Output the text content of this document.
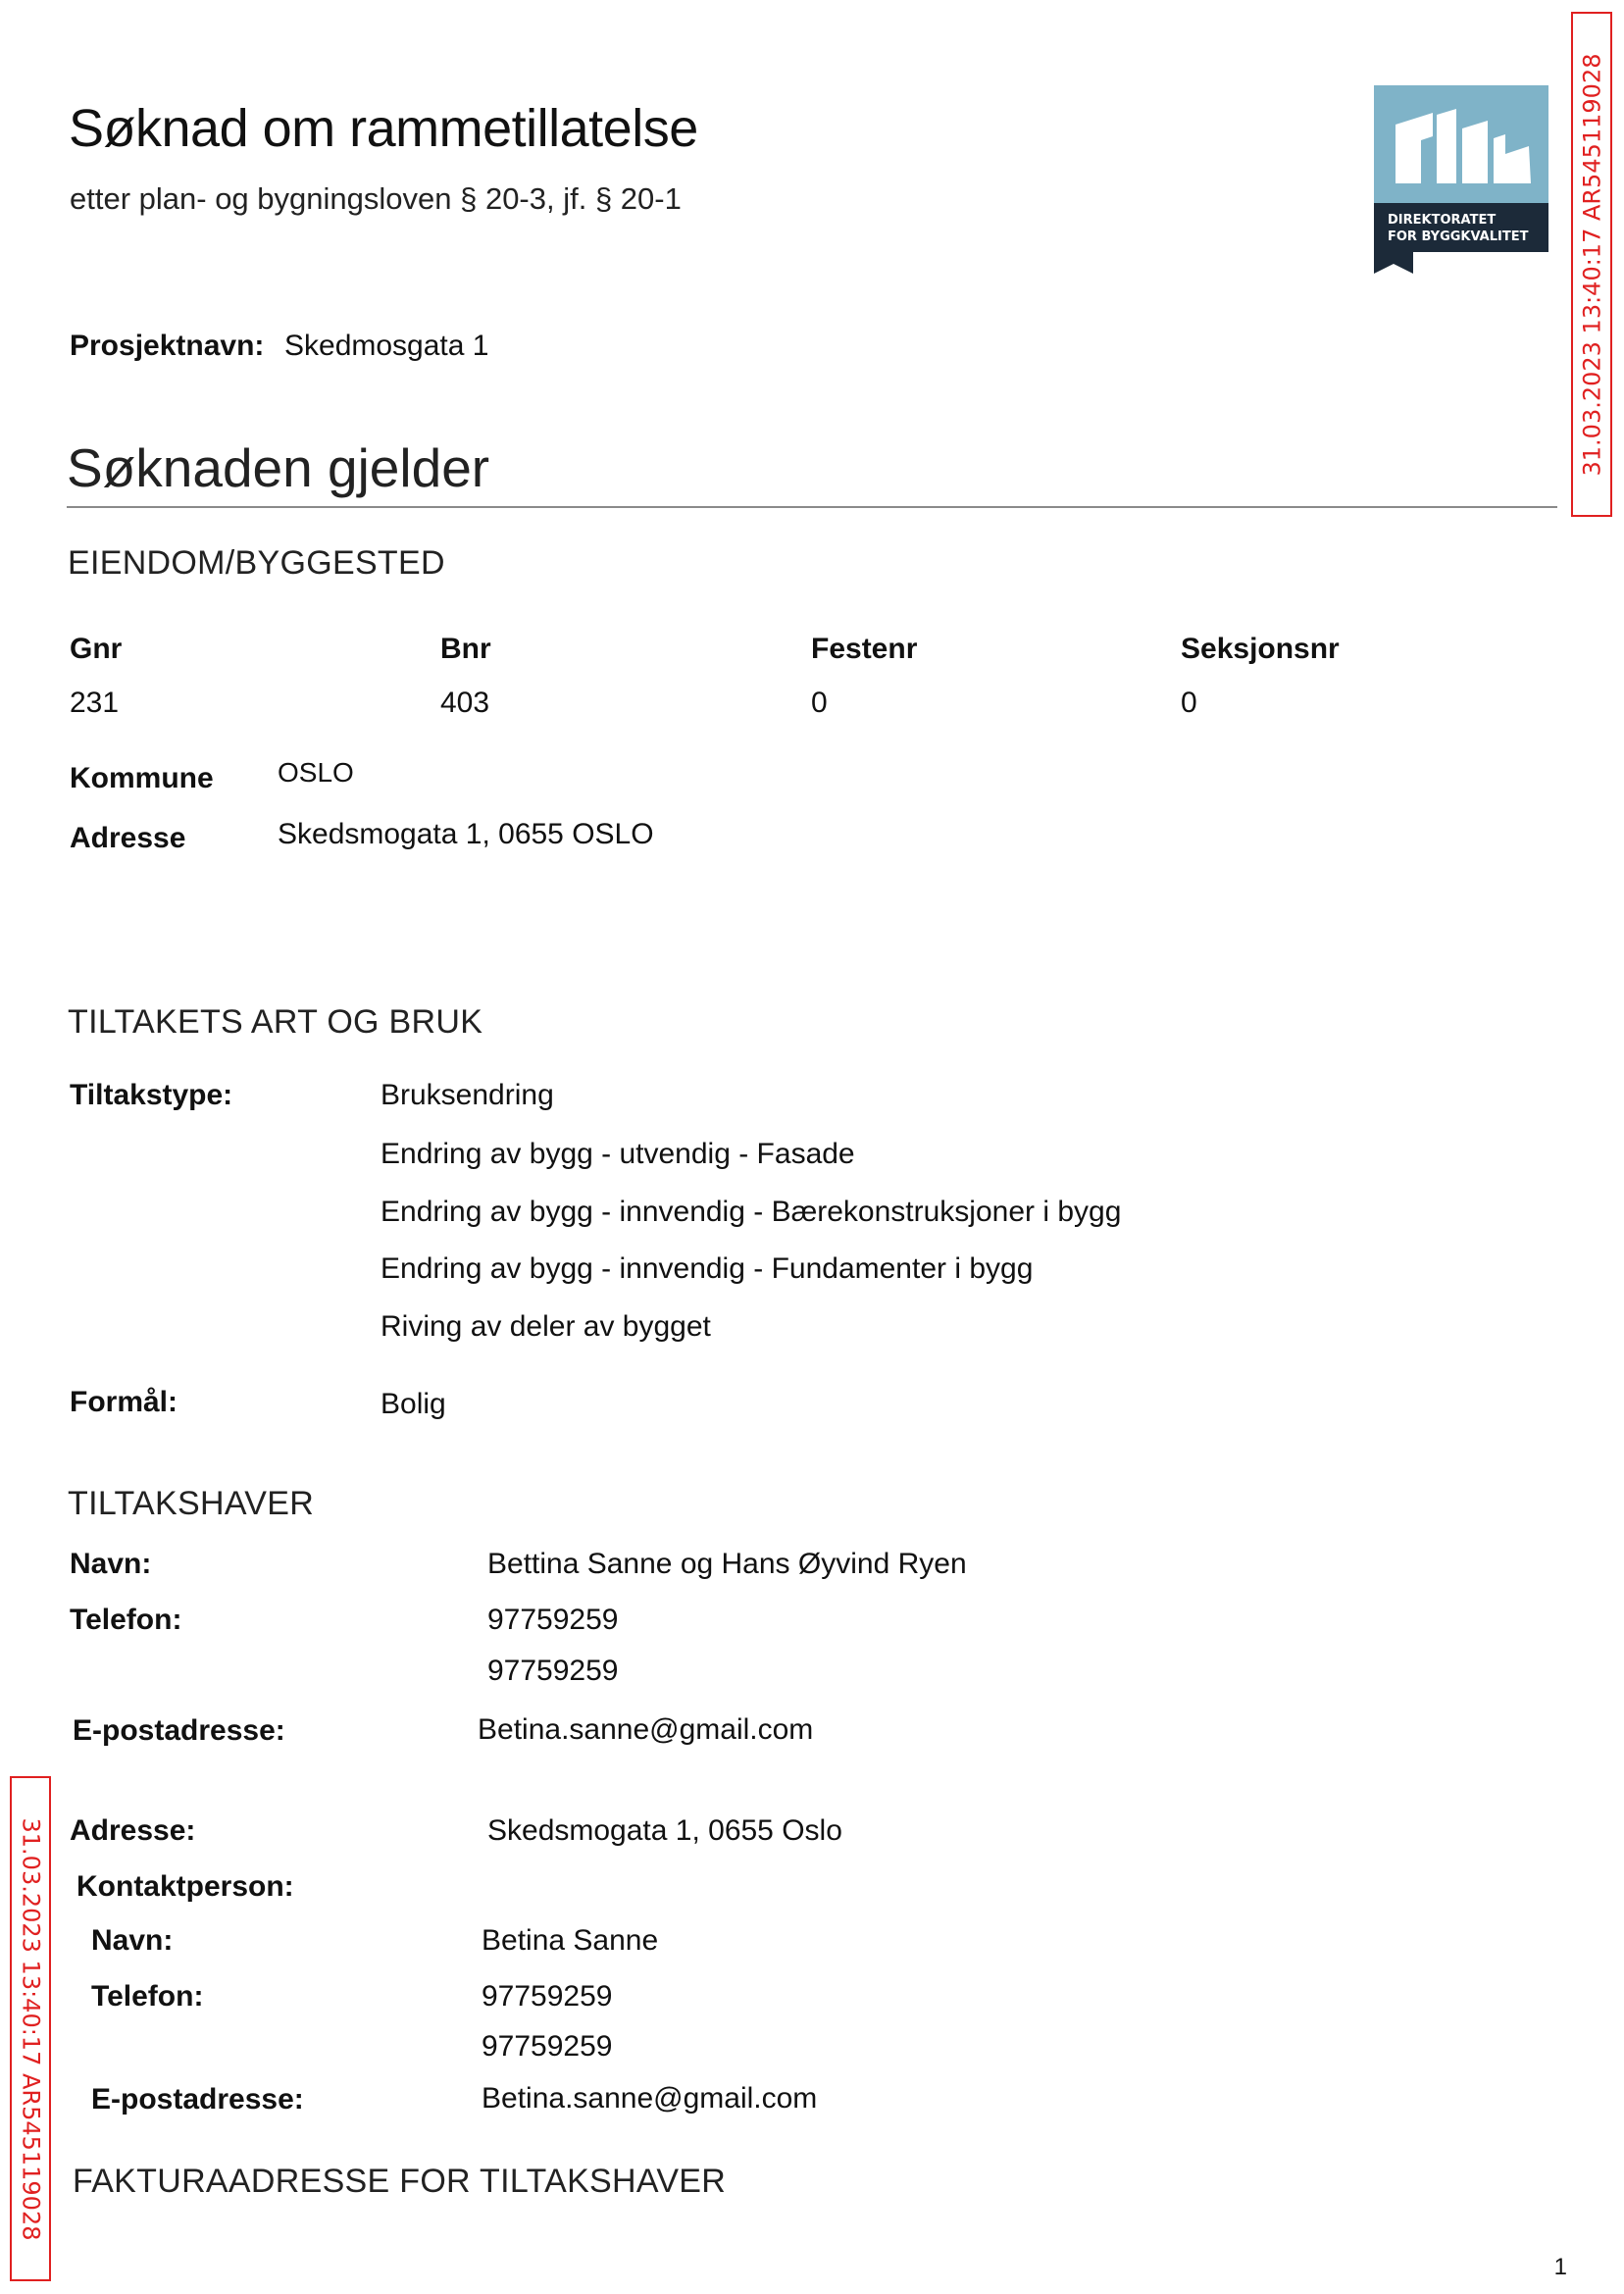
Søknad om rammetillatelse
etter plan- og bygningsloven § 20-3, jf. § 20-1
DIREKTORATET
FOR BYGGKVALITET
Prosjektnavn: Skedmosgata 1
Søknaden gjelder
EIENDOM/BYGGESTED
Gnr	Bnr	Festenr	Seksjonsnr
231	403	0	0
Kommune OSLO
Adresse	Skedsmogata 1, 0655 OSLO
TILTAKETS ART OG BRUK
Tiltakstype:	Bruksendring
Endring av bygg - utvendig - Fasade
Endring av bygg - innvendig - Bærekonstruksjoner i bygg
Endring av bygg - innvendig - Fundamenter i bygg
Riving av deler av bygget
Formål:	Bolig
TILTAKSHAVER
Navn:	Bettina Sanne og Hans Øyvind Ryen
Telefon:	97759259
97759259
E-postadresse:	Betina.sanne@gmail.com
Adresse:	Skedsmogata 1, 0655 Oslo
Kontaktperson:
Navn:	Betina Sanne
Telefon:	97759259
97759259
E-postadresse:	Betina.sanne@gmail.com
FAKTURAADRESSE FOR TILTAKSHAVER
31.03.2023 13:40:17 AR545119028
31.03.2023 13:40:17 AR545119028
1
